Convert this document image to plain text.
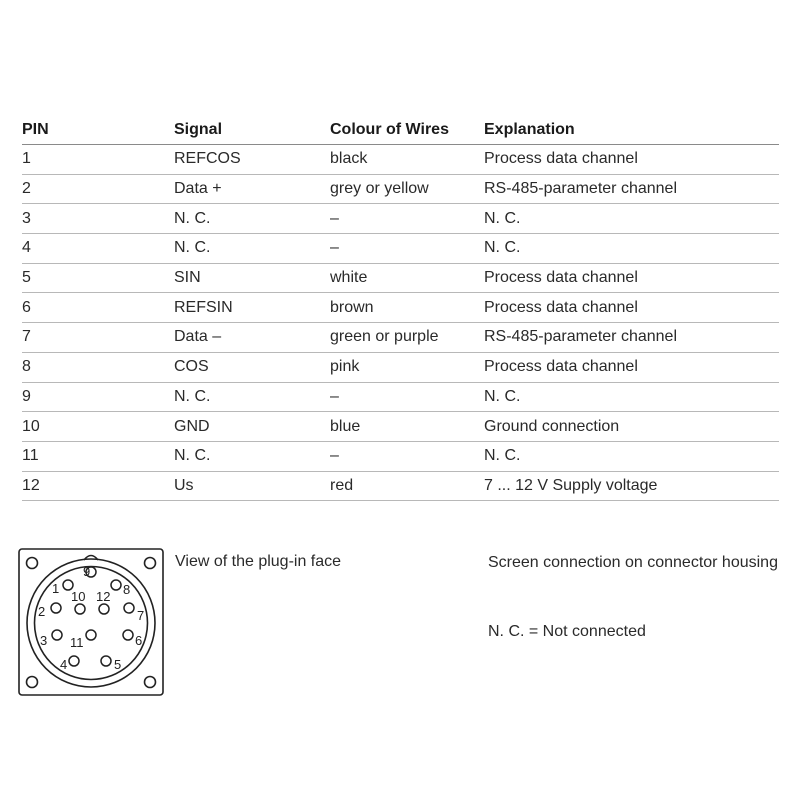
PIN	Signal	Colour of Wires	Explanation
1	REFCOS	black	Process data channel
2	Data +	grey or yellow	RS-485-parameter channel
3	N. C.	–	N. C.
4	N. C.	–	N. C.
5	SIN	white	Process data channel
6	REFSIN	brown	Process data channel
7	Data –	green or purple	RS-485-parameter channel
8	COS	pink	Process data channel
9	N. C.	–	N. C.
10	GND	blue	Ground connection
11	N. C.	–	N. C.
12	Us	red	7 ... 12 V Supply voltage
1
2
3
4	5
6
7
8
9
10
11
12

View of the plug-in face	Screen connection on connector housing

N. C. = Not connected
